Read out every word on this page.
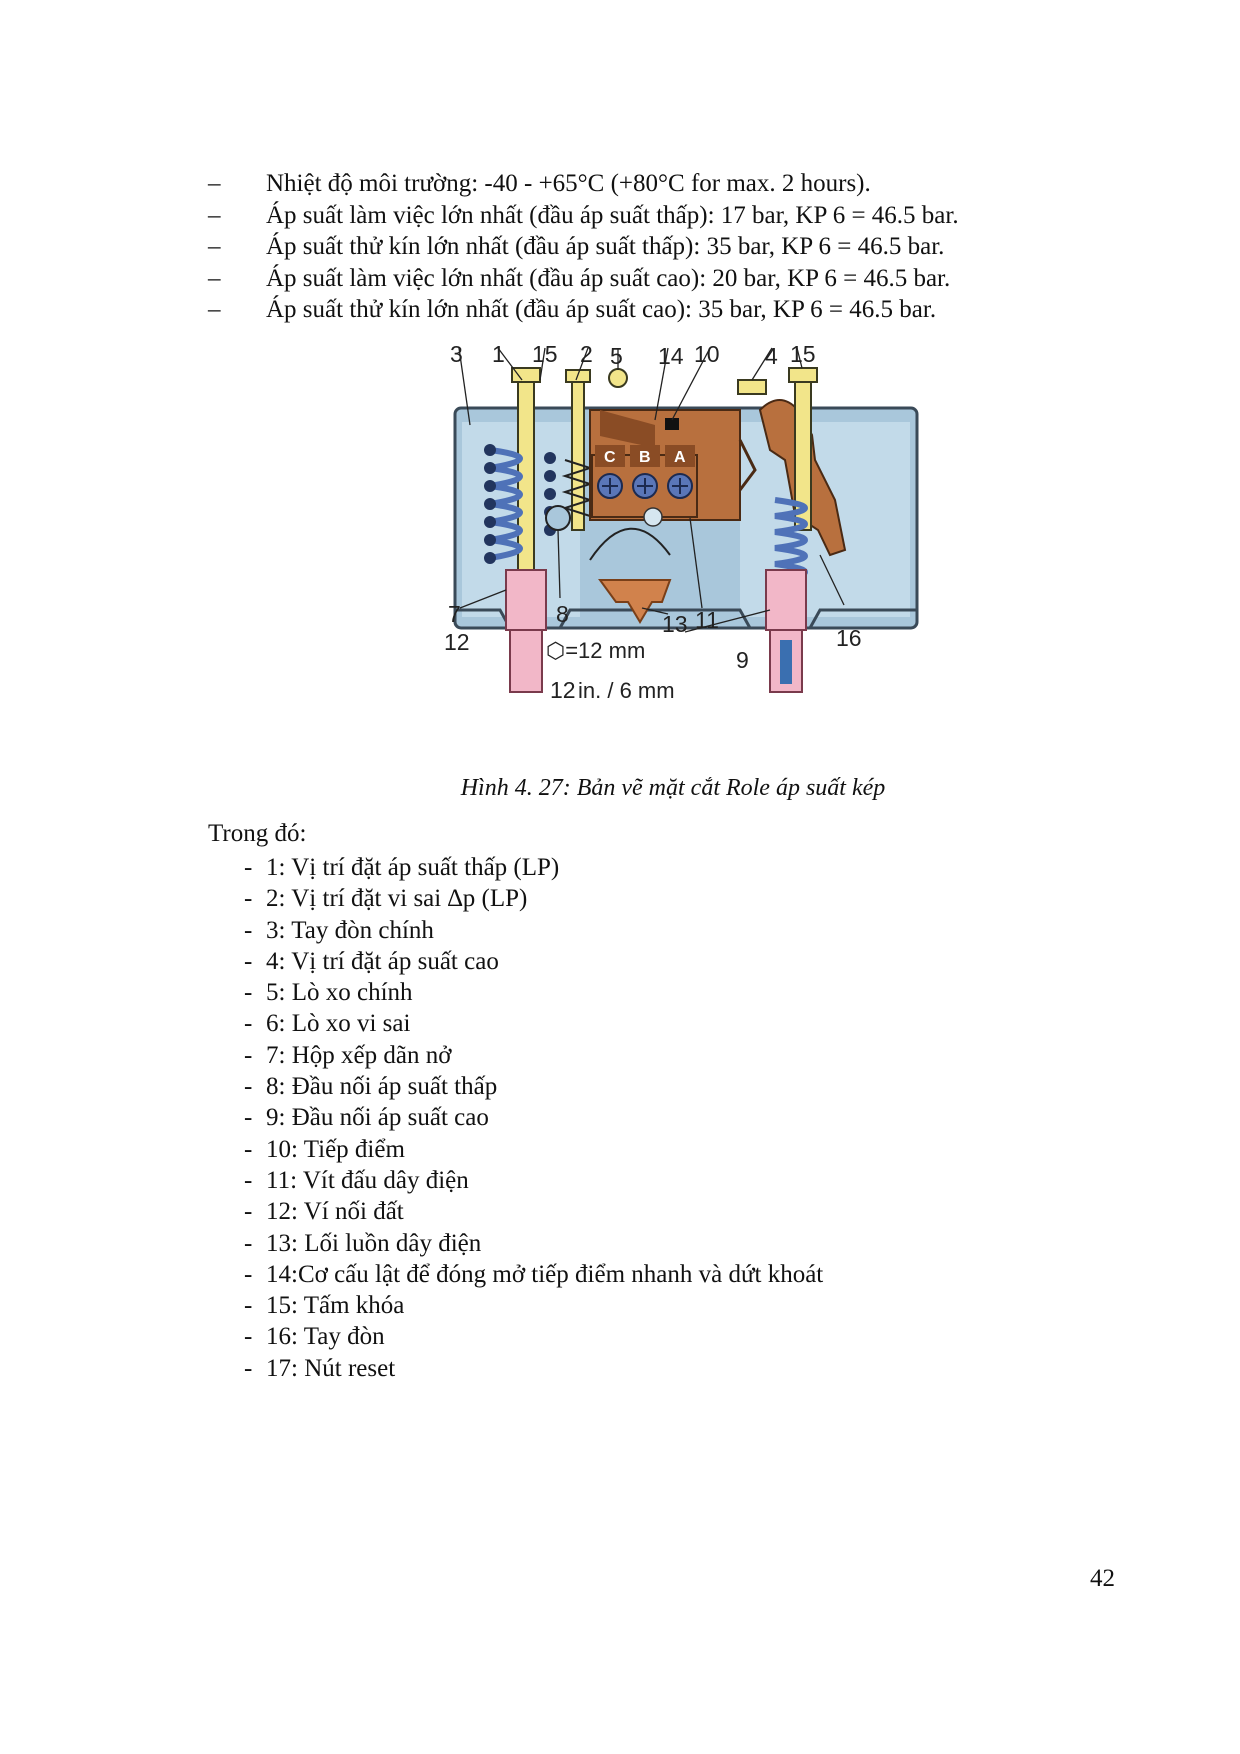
– Nhiệt độ môi trường: -40 - +65°C (+80°C for max. 2 hours).
– Áp suất làm việc lớn nhất (đầu áp suất thấp): 17 bar, KP 6 = 46.5 bar.
– Áp suất thử kín lớn nhất (đầu áp suất thấp): 35 bar, KP 6 = 46.5 bar.
– Áp suất làm việc lớn nhất (đầu áp suất cao): 20 bar, KP 6 = 46.5 bar.
– Áp suất thử kín lớn nhất (đầu áp suất cao): 35 bar, KP 6 = 46.5 bar.
C B A
3 1 15 2 5 14 10 4 15
7
12
8	13 11
9
16
12
⬡=12 mm
in. / 6 mm
Hình 4. 27: Bản vẽ mặt cắt Role áp suất kép
Trong đó:
- 1: Vị trí đặt áp suất thấp (LP)
- 2: Vị trí đặt vi sai ∆p (LP)
- 3: Tay đòn chính
- 4: Vị trí đặt áp suất cao
- 5: Lò xo chính
- 6: Lò xo vi sai
- 7: Hộp xếp dãn nở
- 8: Đầu nối áp suất thấp
- 9: Đầu nối áp suất cao
- 10: Tiếp điểm
- 11: Vít đấu dây điện
- 12: Ví nối đất
- 13: Lối luồn dây điện
- 14:Cơ cấu lật để đóng mở tiếp điểm nhanh và dứt khoát
- 15: Tấm khóa
- 16: Tay đòn
- 17: Nút reset
42
